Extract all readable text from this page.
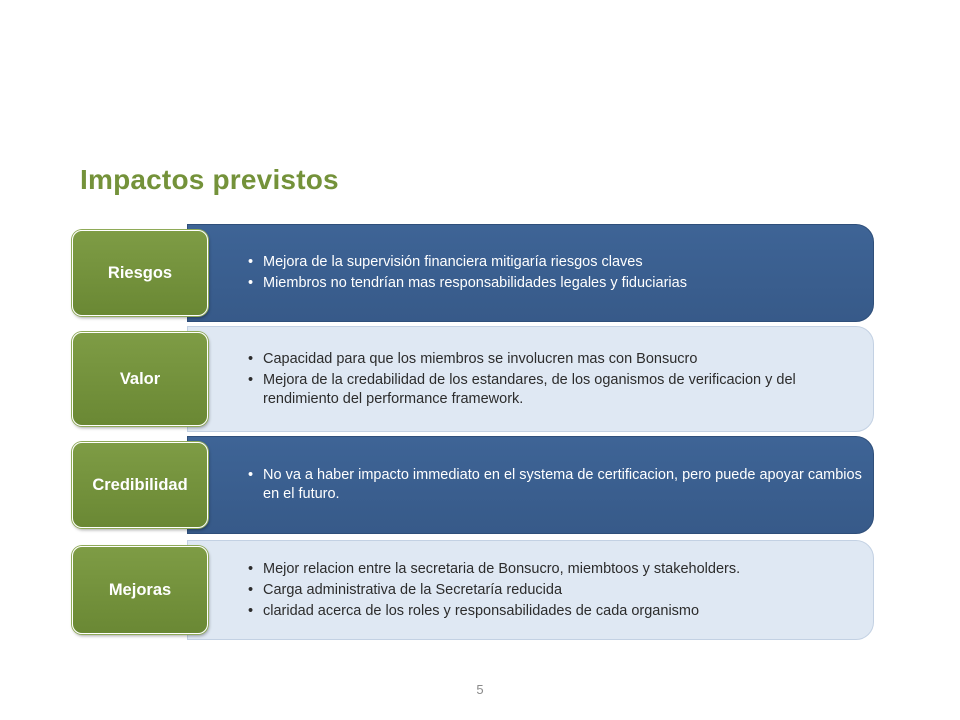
Impactos previstos
• Mejora de la supervisión financiera mitigaría riesgos claves
• Miembros no tendrían mas responsabilidades legales y fiduciarias
Riesgos
• Capacidad para que los miembros se involucren mas con Bonsucro
• Mejora de la credabilidad de los estandares, de los oganismos de verificacion y del rendimiento del performance framework.
Valor
• No va a haber impacto immediato en el systema de certificacion, pero puede apoyar cambios en el futuro.
Credibilidad
• Mejor relacion entre la secretaria de Bonsucro, miembtoos y stakeholders.
• Carga administrativa de la Secretaría reducida
• claridad acerca de los roles y responsabilidades de cada organismo
Mejoras
5
